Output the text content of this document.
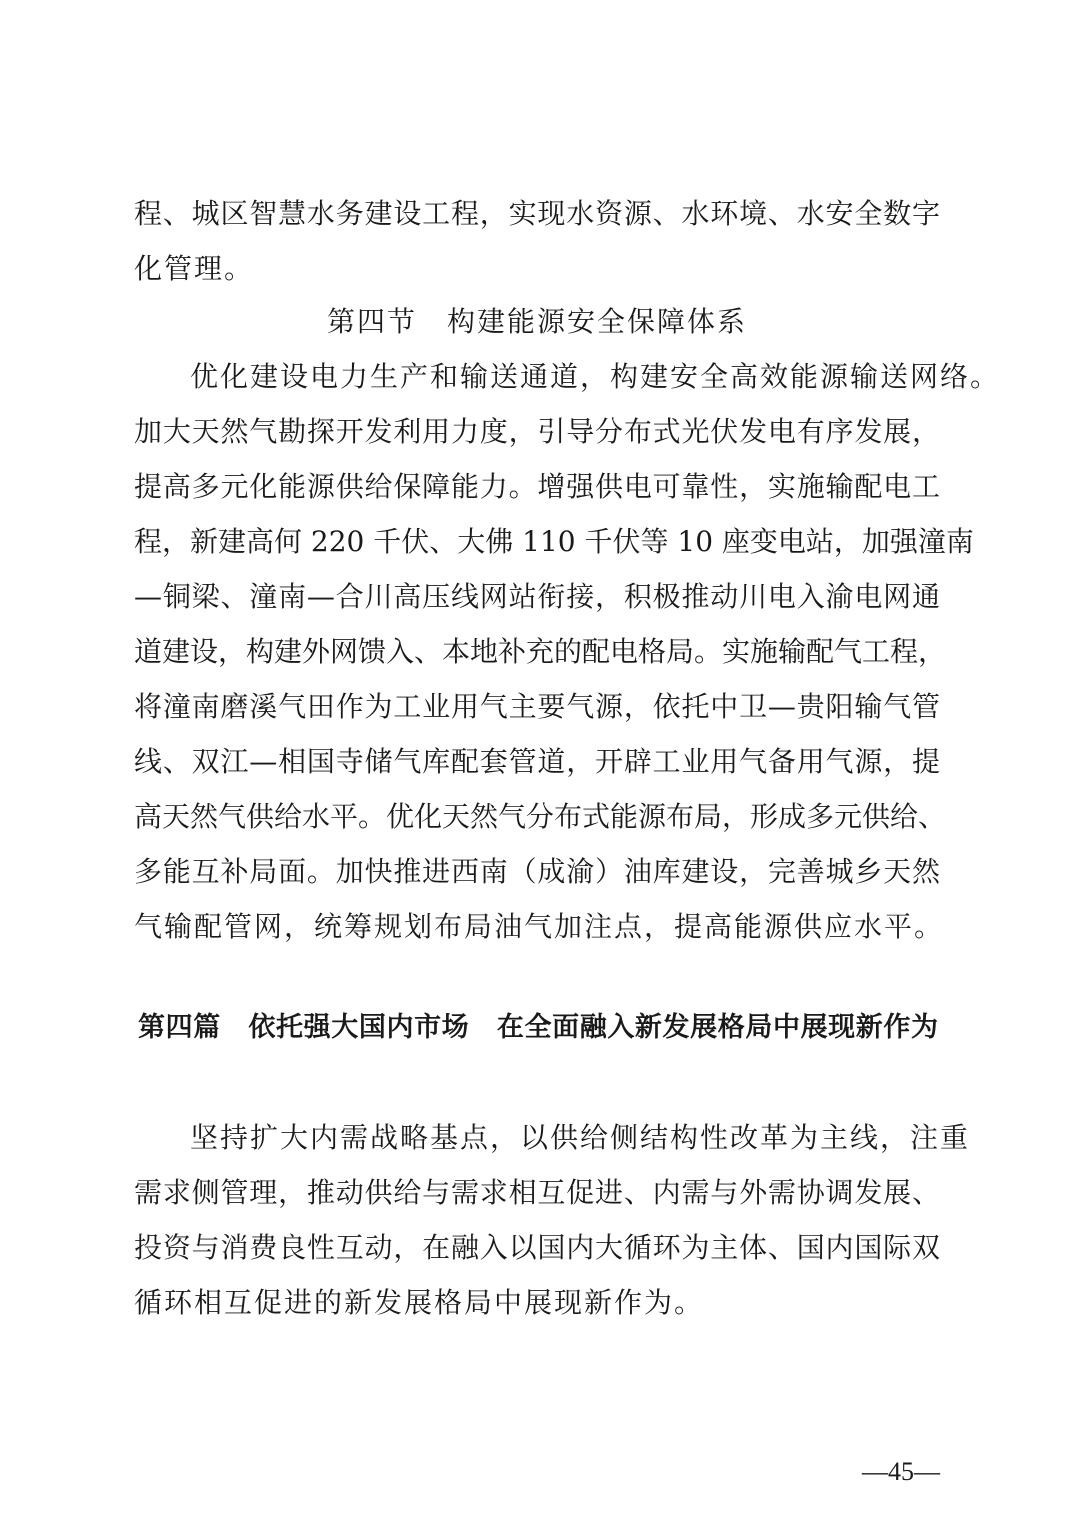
程、城区智慧水务建设工程，实现水资源、水环境、水安全数字
化管理。
第四节　构建能源安全保障体系
优化建设电力生产和输送通道，构建安全高效能源输送网络。
加大天然气勘探开发利用力度，引导分布式光伏发电有序发展，
提高多元化能源供给保障能力。增强供电可靠性，实施输配电工
程，新建高何 220 千伏、大佛 110 千伏等 10 座变电站，加强潼南
—铜梁、潼南—合川高压线网站衔接，积极推动川电入渝电网通
道建设，构建外网馈入、本地补充的配电格局。实施输配气工程，
将潼南磨溪气田作为工业用气主要气源，依托中卫—贵阳输气管
线、双江—相国寺储气库配套管道，开辟工业用气备用气源，提
高天然气供给水平。优化天然气分布式能源布局，形成多元供给、
多能互补局面。加快推进西南（成渝）油库建设，完善城乡天然
气输配管网，统筹规划布局油气加注点，提高能源供应水平。
第四篇　依托强大国内市场　在全面融入新发展格局中展现新作为
坚持扩大内需战略基点，以供给侧结构性改革为主线，注重
需求侧管理，推动供给与需求相互促进、内需与外需协调发展、
投资与消费良性互动，在融入以国内大循环为主体、国内国际双
循环相互促进的新发展格局中展现新作为。
—45—
